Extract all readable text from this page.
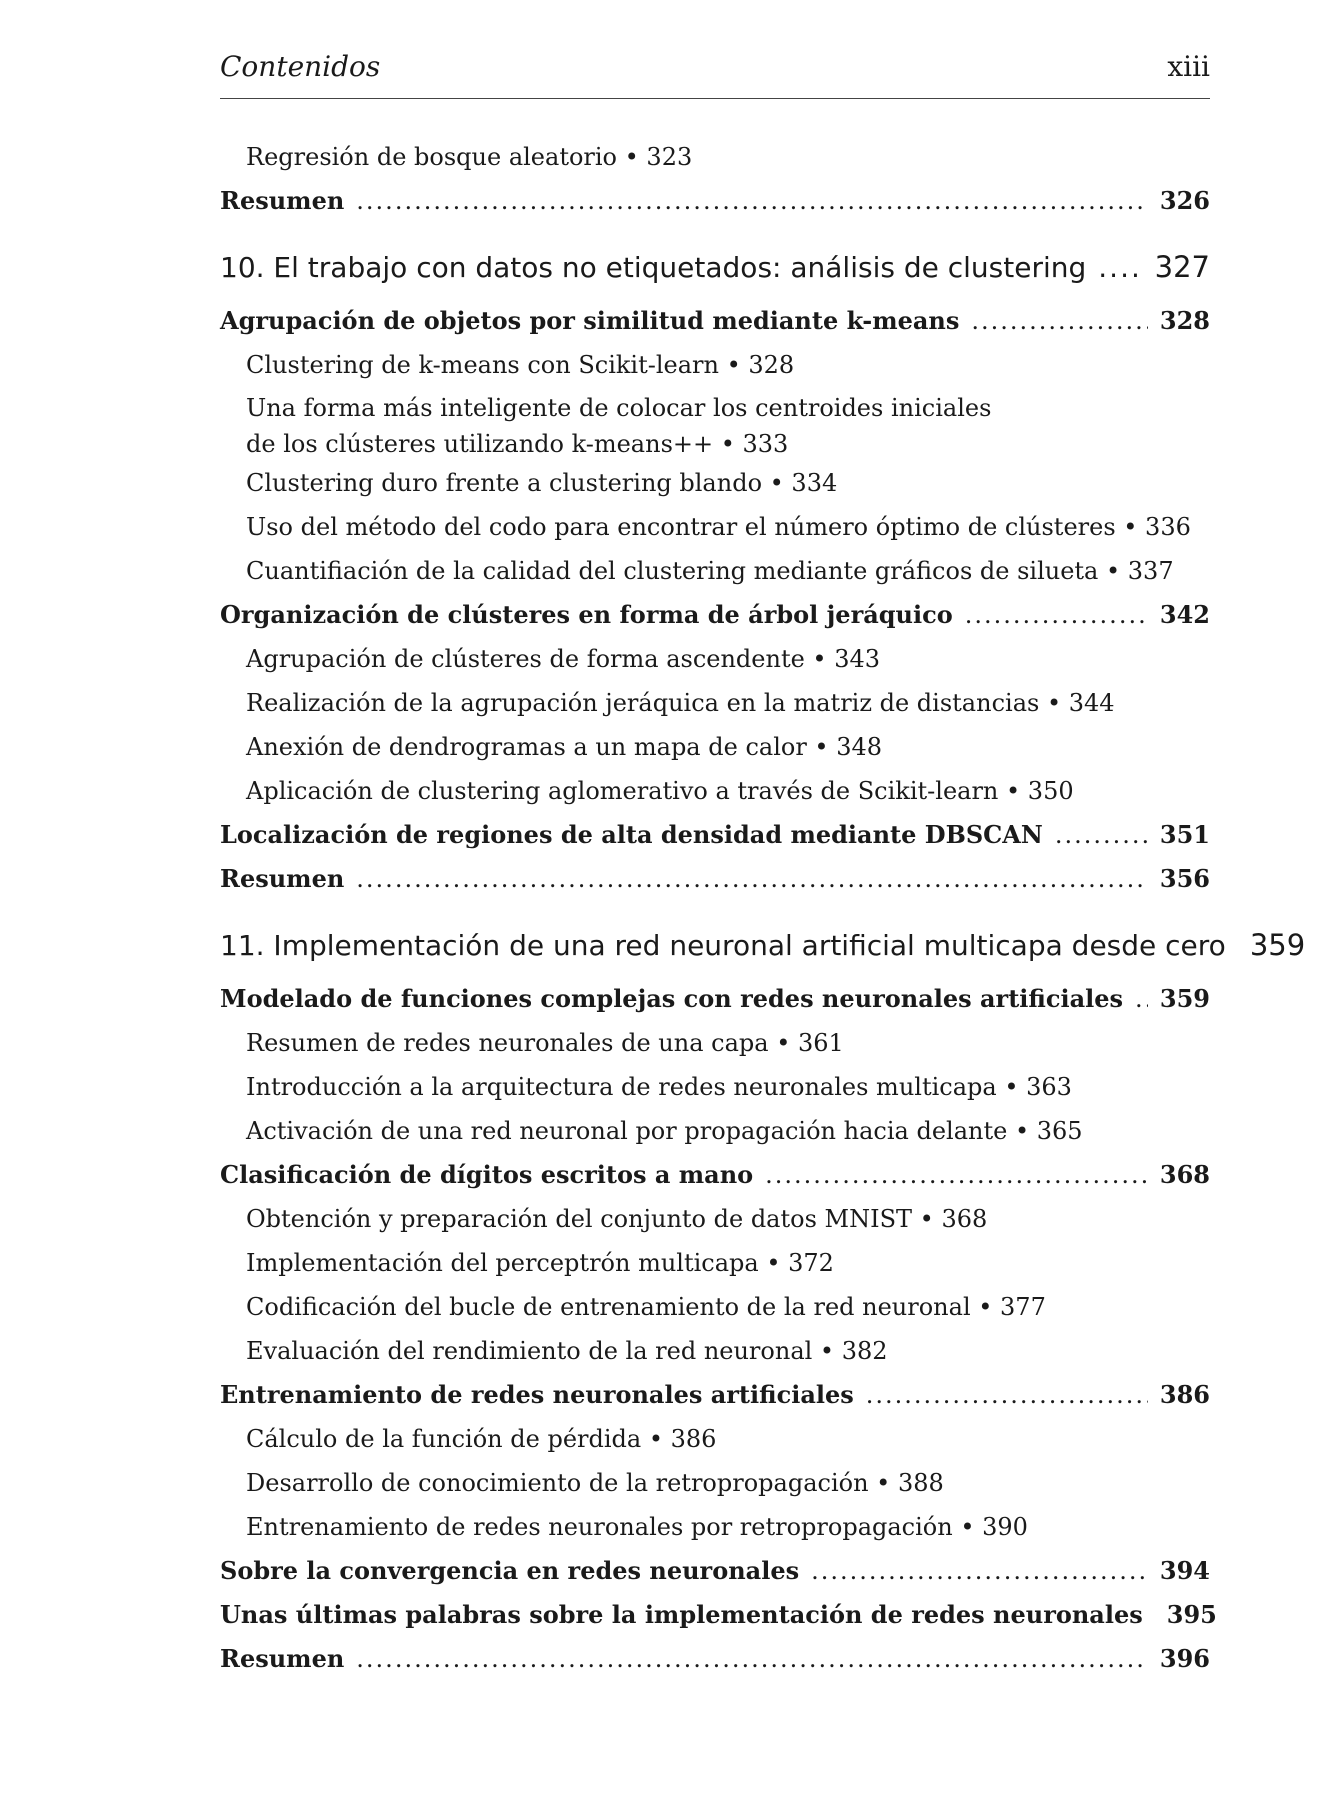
Contenidos	xiii
Regresión de bosque aleatorio • 323
Resumen .....	326
10. El trabajo con datos no etiquetados: análisis de clustering ..... 327
Agrupación de objetos por similitud mediante k-means .....	328
Clustering de k-means con Scikit-learn • 328
Una forma más inteligente de colocar los centroides iniciales
de los clústeres utilizando k-means++ • 333
Clustering duro frente a clustering blando • 334
Uso del método del codo para encontrar el número óptimo de clústeres • 336
Cuantifiación de la calidad del clustering mediante gráficos de silueta • 337
Organización de clústeres en forma de árbol jeráquico .....	342
Agrupación de clústeres de forma ascendente • 343
Realización de la agrupación jeráquica en la matriz de distancias • 344
Anexión de dendrogramas a un mapa de calor • 348
Aplicación de clustering aglomerativo a través de Scikit-learn • 350
Localización de regiones de alta densidad mediante DBSCAN .....	351
Resumen .....	356
11. Implementación de una red neuronal artificial multicapa desde cero 359
Modelado de funciones complejas con redes neuronales artificiales ..... 359
Resumen de redes neuronales de una capa • 361
Introducción a la arquitectura de redes neuronales multicapa • 363
Activación de una red neuronal por propagación hacia delante • 365
Clasificación de dígitos escritos a mano .....	368
Obtención y preparación del conjunto de datos MNIST • 368
Implementación del perceptrón multicapa • 372
Codificación del bucle de entrenamiento de la red neuronal • 377
Evaluación del rendimiento de la red neuronal • 382
Entrenamiento de redes neuronales artificiales .....	386
Cálculo de la función de pérdida • 386
Desarrollo de conocimiento de la retropropagación • 388
Entrenamiento de redes neuronales por retropropagación • 390
Sobre la convergencia en redes neuronales .....	394
Unas últimas palabras sobre la implementación de redes neuronales 395
Resumen .....	396
